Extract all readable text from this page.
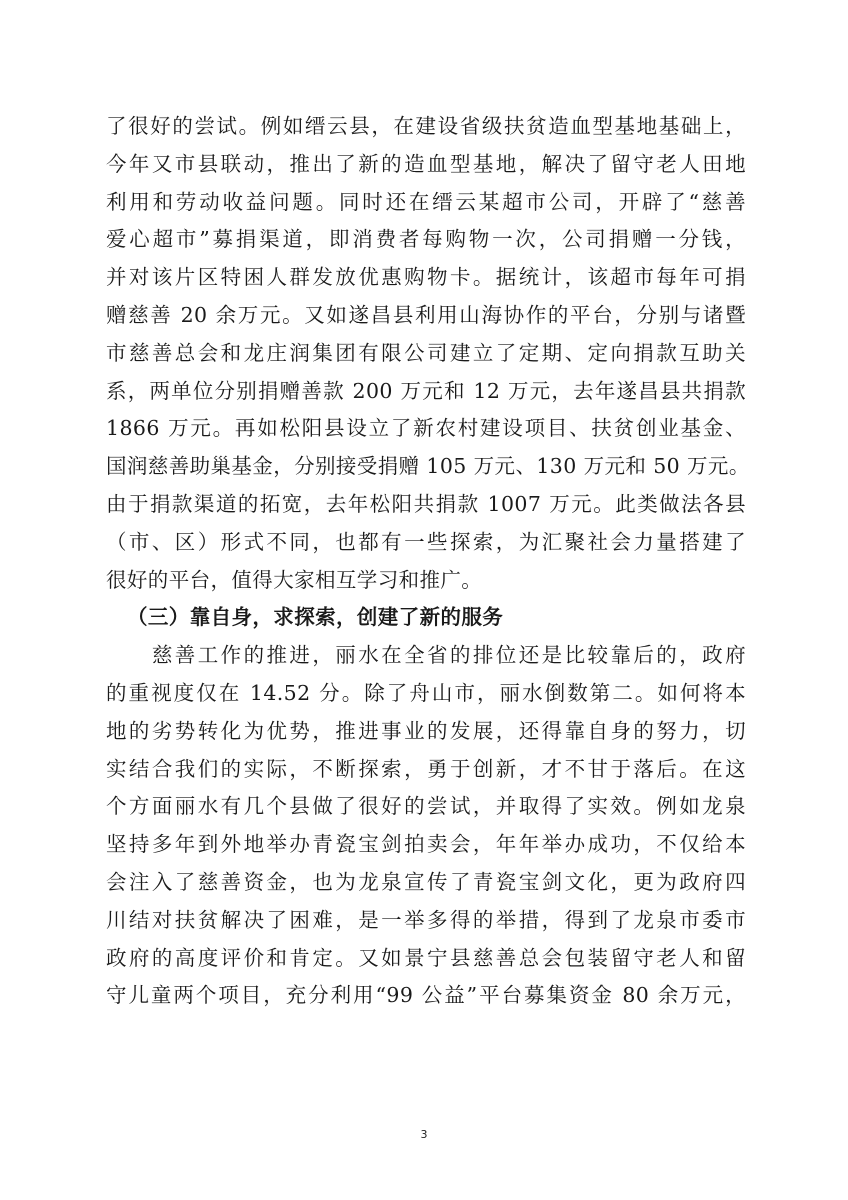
了很好的尝试。例如缙云县，在建设省级扶贫造血型基地基础上，
今年又市县联动，推出了新的造血型基地，解决了留守老人田地
利用和劳动收益问题。同时还在缙云某超市公司，开辟了“慈善
爱心超市”募捐渠道，即消费者每购物一次，公司捐赠一分钱，
并对该片区特困人群发放优惠购物卡。据统计，该超市每年可捐
赠慈善 20 余万元。又如遂昌县利用山海协作的平台，分别与诸暨
市慈善总会和龙庄润集团有限公司建立了定期、定向捐款互助关
系，两单位分别捐赠善款 200 万元和 12 万元，去年遂昌县共捐款
1866 万元。再如松阳县设立了新农村建设项目、扶贫创业基金、
国润慈善助巢基金，分别接受捐赠 105 万元、130 万元和 50 万元。
由于捐款渠道的拓宽，去年松阳共捐款 1007 万元。此类做法各县
（市、区）形式不同，也都有一些探索，为汇聚社会力量搭建了
很好的平台，值得大家相互学习和推广。
（三）靠自身，求探索，创建了新的服务
　　慈善工作的推进，丽水在全省的排位还是比较靠后的，政府
的重视度仅在 14.52 分。除了舟山市，丽水倒数第二。如何将本
地的劣势转化为优势，推进事业的发展，还得靠自身的努力，切
实结合我们的实际，不断探索，勇于创新，才不甘于落后。在这
个方面丽水有几个县做了很好的尝试，并取得了实效。例如龙泉
坚持多年到外地举办青瓷宝剑拍卖会，年年举办成功，不仅给本
会注入了慈善资金，也为龙泉宣传了青瓷宝剑文化，更为政府四
川结对扶贫解决了困难，是一举多得的举措，得到了龙泉市委市
政府的高度评价和肯定。又如景宁县慈善总会包装留守老人和留
守儿童两个项目，充分利用“99 公益”平台募集资金 80 余万元，
3
